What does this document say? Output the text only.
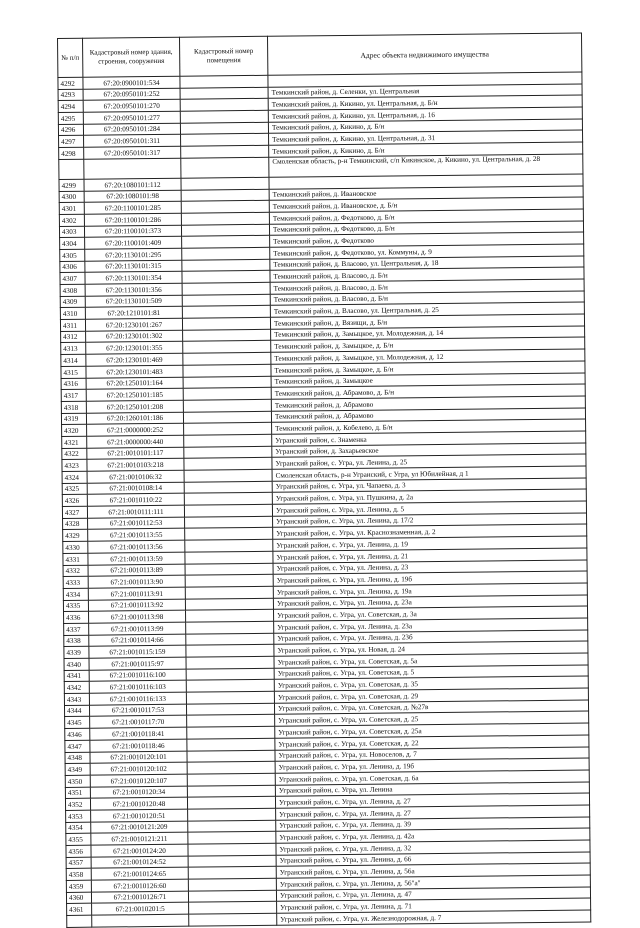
№ п/п	Кадастровый номер здания, строения, сооружения	Кадастровый номер помещения	Адрес объекта недвижимого имущества
4292	67:20:0900101:534		
4293	67:20:0950101:252		Темкинский район, д. Селенки, ул. Центральная
4294	67:20:0950101:270		Темкинский район, д. Кикино, ул. Центральная, д. Б/н
4295	67:20:0950101:277		Темкинский район, д. Кикино, ул. Центральная, д. 16
4296	67:20:0950101:284		Темкинский район, д. Кикино, д. Б/н
4297	67:20:0950101:311		Темкинский район, д. Кикино, ул. Центральная, д. 31
4298	67:20:0950101:317		Темкинский район, д. Кикино, д. Б/н
			Смоленская область, р-н Темкинский, с/п Кикинское, д. Кикино, ул. Центральная, д. 28
4299	67:20:1080101:112		
4300	67:20:1080101:98		Темкинский район, д. Ивановское
4301	67:20:1100101:285		Темкинский район, д. Ивановское, д. Б/н
4302	67:20:1100101:286		Темкинский район, д. Федотково, д. Б/н
4303	67:20:1100101:373		Темкинский район, д. Федотково, д. Б/н
4304	67:20:1100101:409		Темкинский район, д. Федотково
4305	67:20:1130101:295		Темкинский район, д. Федотково, ул. Коммуны, д. 9
4306	67:20:1130101:315		Темкинский район, д. Власово, ул. Центральная, д. 18
4307	67:20:1130101:354		Темкинский район, д. Власово, д. Б/н
4308	67:20:1130101:356		Темкинский район, д. Власово, д. Б/н
4309	67:20:1130101:509		Темкинский район, д. Власово, д. Б/н
4310	67:20:1210101:81		Темкинский район, д. Власово, ул. Центральная, д. 25
4311	67:20:1230101:267		Темкинский район, д. Вязищи, д. Б/н
4312	67:20:1230101:302		Темкинский район, д. Замыцкое, ул. Молодежная, д. 14
4313	67:20:1230101:355		Темкинский район, д. Замыцкое, д. Б/н
4314	67:20:1230101:469		Темкинский район, д. Замыцкое, ул. Молодежная, д. 12
4315	67:20:1230101:483		Темкинский район, д. Замыцкое, д. Б/н
4316	67:20:1250101:164		Темкинский район, д. Замыцкое
4317	67:20:1250101:185		Темкинский район, д. Абрамово, д. Б/н
4318	67:20:1250101:208		Темкинский район, д. Абрамово
4319	67:20:1260101:186		Темкинский район, д. Абрамово
4320	67:21:0000000:252		Темкинский район, д. Кобелево, д. Б/н
4321	67:21:0000000:440		Угранский район, с. Знаменка
4322	67:21:0010101:117		Угранский район, д. Захарьевское
4323	67:21:0010103:218		Угранский район, с. Угра, ул. Ленина, д. 25
4324	67:21:0010106:32		Смоленская область, р-н Угранский, с Угра, ул Юбилейная, д 1
4325	67:21:0010108:14		Угранский район, с. Угра, ул. Чапаева, д. 3
4326	67:21:0010110:22		Угранский район, с. Угра, ул. Пушкина, д. 2а
4327	67:21:0010111:111		Угранский район, с. Угра, ул. Ленина, д. 5
4328	67:21:0010112:53		Угранский район, с. Угра, ул. Ленина, д. 17/2
4329	67:21:0010113:55		Угранский район, с. Угра, ул. Краснознаменная, д. 2
4330	67:21:0010113:56		Угранский район, с. Угра, ул. Ленина, д. 19
4331	67:21:0010113:59		Угранский район, с. Угра, ул. Ленина, д. 21
4332	67:21:0010113:89		Угранский район, с. Угра, ул. Ленина, д. 23
4333	67:21:0010113:90		Угранский район, с. Угра, ул. Ленина, д. 19б
4334	67:21:0010113:91		Угранский район, с. Угра, ул. Ленина, д. 19а
4335	67:21:0010113:92		Угранский район, с. Угра, ул. Ленина, д. 23а
4336	67:21:0010113:98		Угранский район, с. Угра, ул. Советская, д. 3а
4337	67:21:0010113:99		Угранский район, с. Угра, ул. Ленина, д. 23а
4338	67:21:0010114:66		Угранский район, с. Угра, ул. Ленина, д. 23б
4339	67:21:0010115:159		Угранский район, с. Угра, ул. Новая, д. 24
4340	67:21:0010115:97		Угранский район, с. Угра, ул. Советская, д. 5а
4341	67:21:0010116:100		Угранский район, с. Угра, ул. Советская, д. 5
4342	67:21:0010116:103		Угранский район, с. Угра, ул. Советская, д. 35
4343	67:21:0010116:133		Угранский район, с. Угра, ул. Советская, д. 29
4344	67:21:0010117:53		Угранский район, с. Угра, ул. Советская, д. №27в
4345	67:21:0010117:70		Угранский район, с. Угра, ул. Советская, д. 25
4346	67:21:0010118:41		Угранский район, с. Угра, ул. Советская, д. 25а
4347	67:21:0010118:46		Угранский район, с. Угра, ул. Советская, д. 22
4348	67:21:0010120:101		Угранский район, с. Угра, ул. Новоселов, д. 7
4349	67:21:0010120:102		Угранский район, с. Угра, ул. Ленина, д. 19б
4350	67:21:0010120:107		Угранский район, с. Угра, ул. Советская, д. 6а
4351	67:21:0010120:34		Угранский район, с. Угра, ул. Ленина
4352	67:21:0010120:48		Угранский район, с. Угра, ул. Ленина, д. 27
4353	67:21:0010120:51		Угранский район, с. Угра, ул. Ленина, д. 27
4354	67:21:0010121:209		Угранский район, с. Угра, ул. Ленина, д. 39
4355	67:21:0010121:211		Угранский район, с. Угра, ул. Ленина, д. 42а
4356	67:21:0010124:20		Угранский район, с. Угра, ул. Ленина, д. 32
4357	67:21:0010124:52		Угранский район, с. Угра, ул. Ленина, д. 66
4358	67:21:0010124:65		Угранский район, с. Угра, ул. Ленина, д. 56а
4359	67:21:0010126:60		Угранский район, с. Угра, ул. Ленина, д. 56"а"
4360	67:21:0010126:71		Угранский район, с. Угра, ул. Ленина, д. 47
4361	67:21:0010201:5		Угранский район, с. Угра, ул. Ленина, д. 71
			Угранский район, с. Угра, ул. Железнодорожная, д. 7
